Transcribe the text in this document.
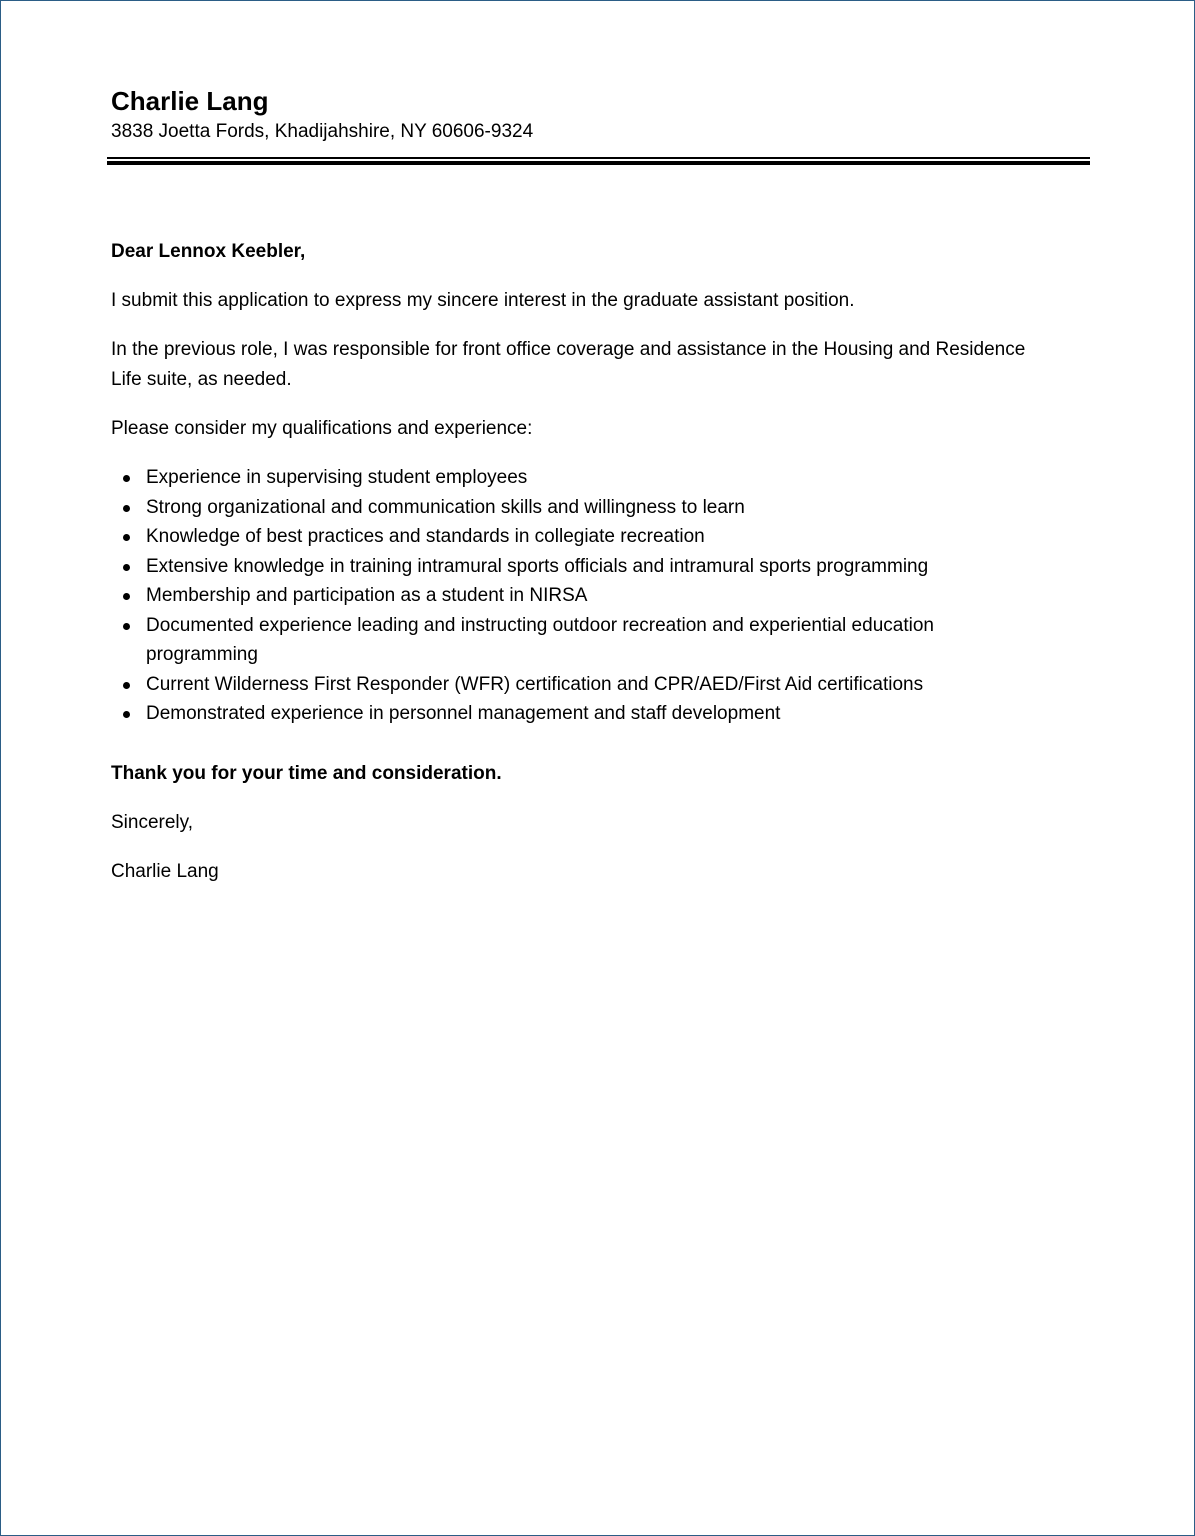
Charlie Lang

3838 Joetta Fords, Khadijahshire, NY 60606-9324

Dear Lennox Keebler,

I submit this application to express my sincere interest in the graduate assistant position.

In the previous role, I was responsible for front office coverage and assistance in the Housing and Residence Life suite, as needed.

Please consider my qualifications and experience:

Experience in supervising student employees
Strong organizational and communication skills and willingness to learn
Knowledge of best practices and standards in collegiate recreation
Extensive knowledge in training intramural sports officials and intramural sports programming
Membership and participation as a student in NIRSA
Documented experience leading and instructing outdoor recreation and experiential education programming
Current Wilderness First Responder (WFR) certification and CPR/AED/First Aid certifications
Demonstrated experience in personnel management and staff development

Thank you for your time and consideration.

Sincerely,

Charlie Lang
